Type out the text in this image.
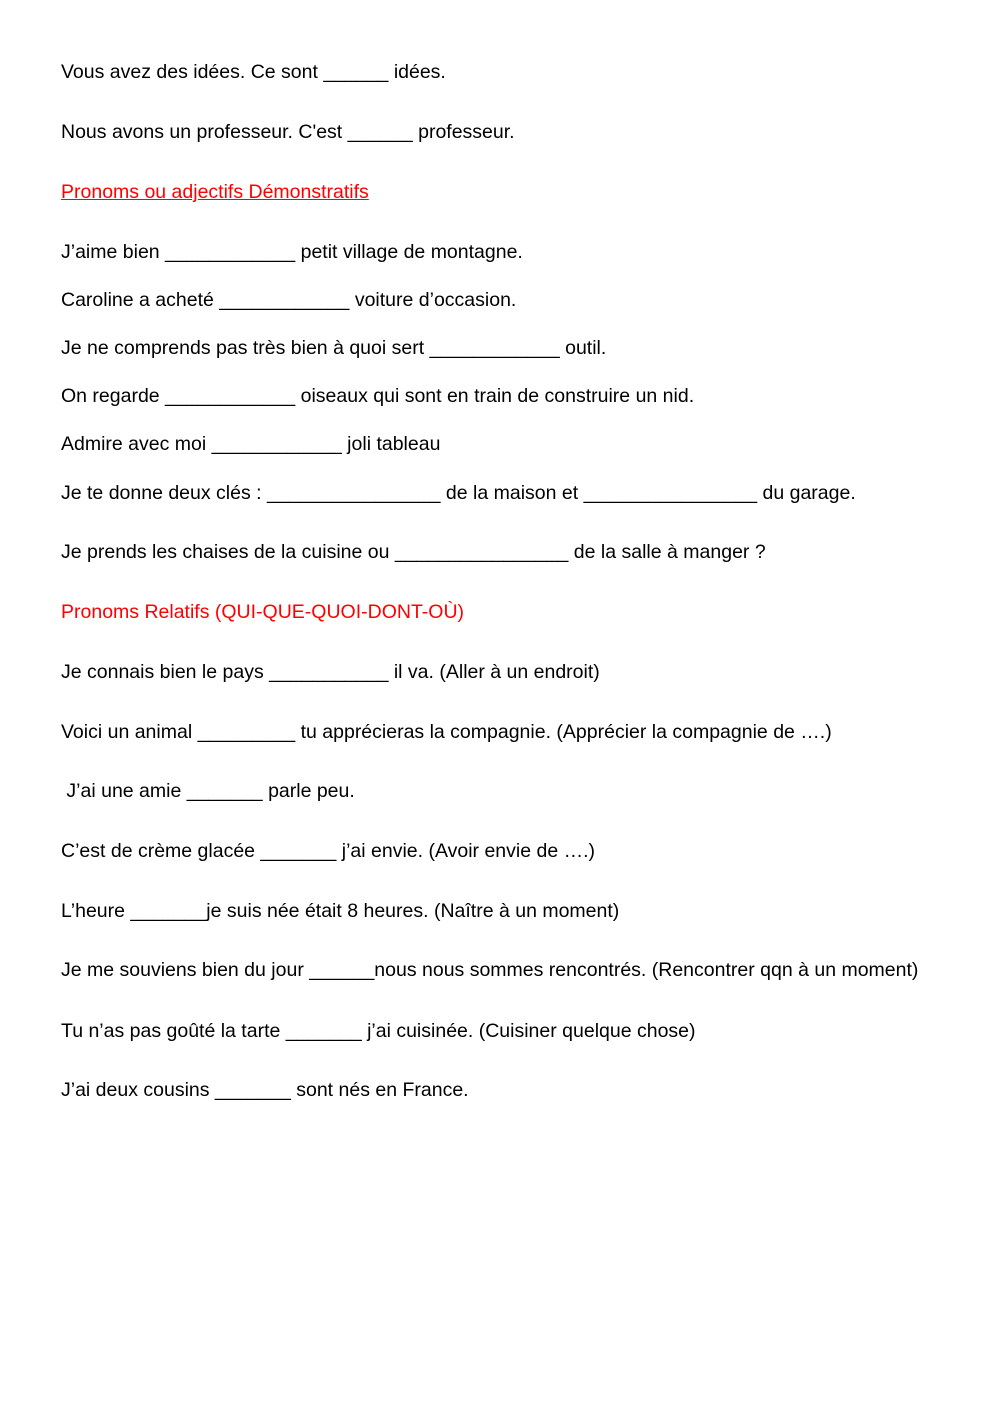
Vous avez des idées. Ce sont ______ idées.

Nous avons un professeur. C'est ______ professeur.

Pronoms ou adjectifs Démonstratifs

J’aime bien ____________ petit village de montagne.

Caroline a acheté ____________ voiture d’occasion.

Je ne comprends pas très bien à quoi sert ____________ outil.

On regarde ____________ oiseaux qui sont en train de construire un nid.

Admire avec moi ____________ joli tableau

Je te donne deux clés : ________________ de la maison et ________________ du garage.

Je prends les chaises de la cuisine ou ________________ de la salle à manger ?

Pronoms Relatifs (QUI-QUE-QUOI-DONT-OÙ)

Je connais bien le pays ___________ il va. (Aller à un endroit)

Voici un animal _________ tu apprécieras la compagnie. (Apprécier la compagnie de ….)

J’ai une amie _______ parle peu.

C’est de crème glacée _______ j’ai envie. (Avoir envie de ….)

L’heure _______je suis née était 8 heures. (Naître à un moment)

Je me souviens bien du jour ______nous nous sommes rencontrés. (Rencontrer qqn à un moment)

Tu n’as pas goûté la tarte _______ j’ai cuisinée. (Cuisiner quelque chose)

J’ai deux cousins _______ sont nés en France.
